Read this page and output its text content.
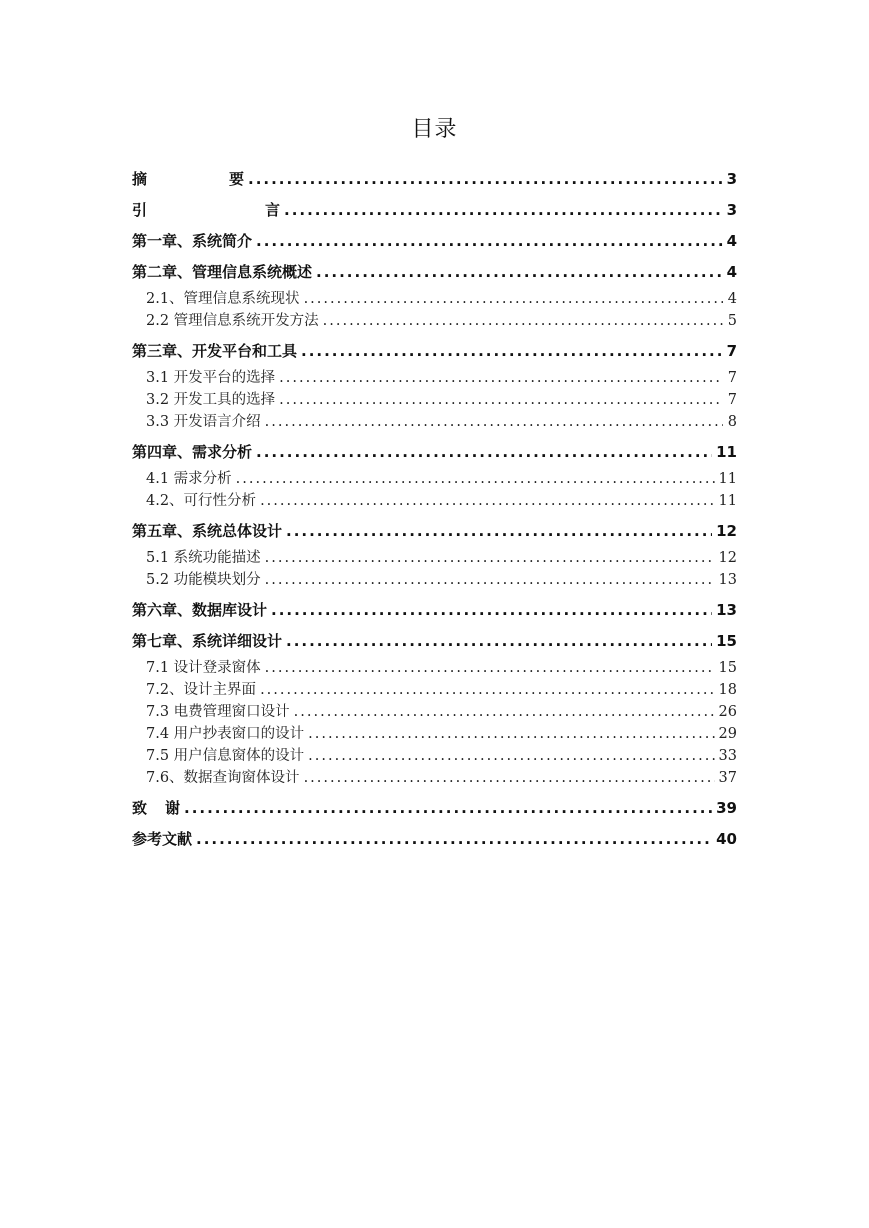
目录
摘　　要 .....	3
引　　言 .....	3
第一章、系统简介 .....	4
第二章、管理信息系统概述 .....	4
2.1、管理信息系统现状 .....	4
2.2 管理信息系统开发方法 .....	5
第三章、开发平台和工具 .....	7
3.1 开发平台的选择 .....	7
3.2 开发工具的选择 .....	7
3.3 开发语言介绍 .....	8
第四章、需求分析 .....	11
4.1 需求分析 .....	11
4.2、可行性分析 .....	11
第五章、系统总体设计 .....	12
5.1 系统功能描述 .....	12
5.2 功能模块划分 .....	13
第六章、数据库设计 .....	13
第七章、系统详细设计 .....	15
7.1 设计登录窗体 .....	15
7.2、设计主界面 .....	18
7.3 电费管理窗口设计 .....	26
7.4 用户抄表窗口的设计 .....	29
7.5 用户信息窗体的设计 .....	33
7.6、数据查询窗体设计 .....	37
致　谢 .....	39
参考文献 .....	40
